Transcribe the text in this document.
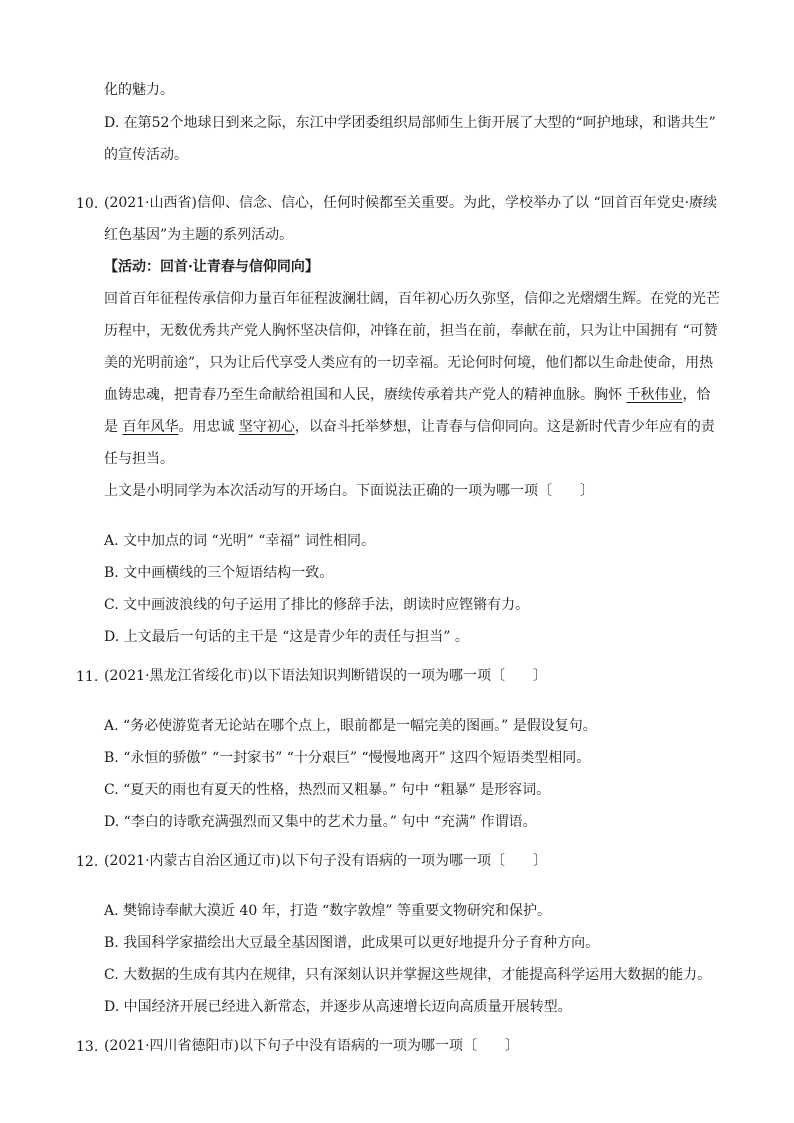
化的魅力。
D. 在第52个地球日到来之际，东江中学团委组织局部师生上街开展了大型的“呵护地球，和谐共生”
的宣传活动。
10. (2021·山西省)信仰、信念、信心，任何时候都至关重要。为此，学校举办了以 “回首百年党史·赓续
红色基因”为主题的系列活动。
【活动：回首·让青春与信仰同向】
回首百年征程传承信仰力量百年征程波澜壮阔，百年初心历久弥坚，信仰之光熠熠生辉。在党的光芒
历程中，无数优秀共产党人胸怀坚决信仰，冲锋在前，担当在前，奉献在前，只为让中国拥有 “可赞
美的光明前途”，只为让后代享受人类应有的一切幸福。无论何时何境，他们都以生命赴使命，用热
血铸忠魂，把青春乃至生命献给祖国和人民，赓续传承着共产党人的精神血脉。胸怀 千秋伟业，恰
是 百年风华。用忠诚 坚守初心，以奋斗托举梦想，让青春与信仰同向。这是新时代青少年应有的责
任与担当。
上文是小明同学为本次活动写的开场白。下面说法正确的一项为哪一项〔　　〕
A. 文中加点的词 “光明” “幸福” 词性相同。
B. 文中画横线的三个短语结构一致。
C. 文中画波浪线的句子运用了排比的修辞手法，朗读时应铿锵有力。
D. 上文最后一句话的主干是 “这是青少年的责任与担当” 。
11. (2021·黑龙江省绥化市)以下语法知识判断错误的一项为哪一项〔　　〕
A. “务必使游览者无论站在哪个点上，眼前都是一幅完美的图画。” 是假设复句。
B. “永恒的骄傲” “一封家书” “十分艰巨” “慢慢地离开” 这四个短语类型相同。
C. “夏天的雨也有夏天的性格，热烈而又粗暴。” 句中 “粗暴” 是形容词。
D. “李白的诗歌充满强烈而又集中的艺术力量。” 句中 “充满” 作谓语。
12. (2021·内蒙古自治区通辽市)以下句子没有语病的一项为哪一项〔　　〕
A. 樊锦诗奉献大漠近 40 年，打造 “数字敦煌” 等重要文物研究和保护。
B. 我国科学家描绘出大豆最全基因图谱，此成果可以更好地提升分子育种方向。
C. 大数据的生成有其内在规律，只有深刻认识并掌握这些规律，才能提高科学运用大数据的能力。
D. 中国经济开展已经进入新常态，并逐步从高速增长迈向高质量开展转型。
13. (2021·四川省德阳市)以下句子中没有语病的一项为哪一项〔　　〕
